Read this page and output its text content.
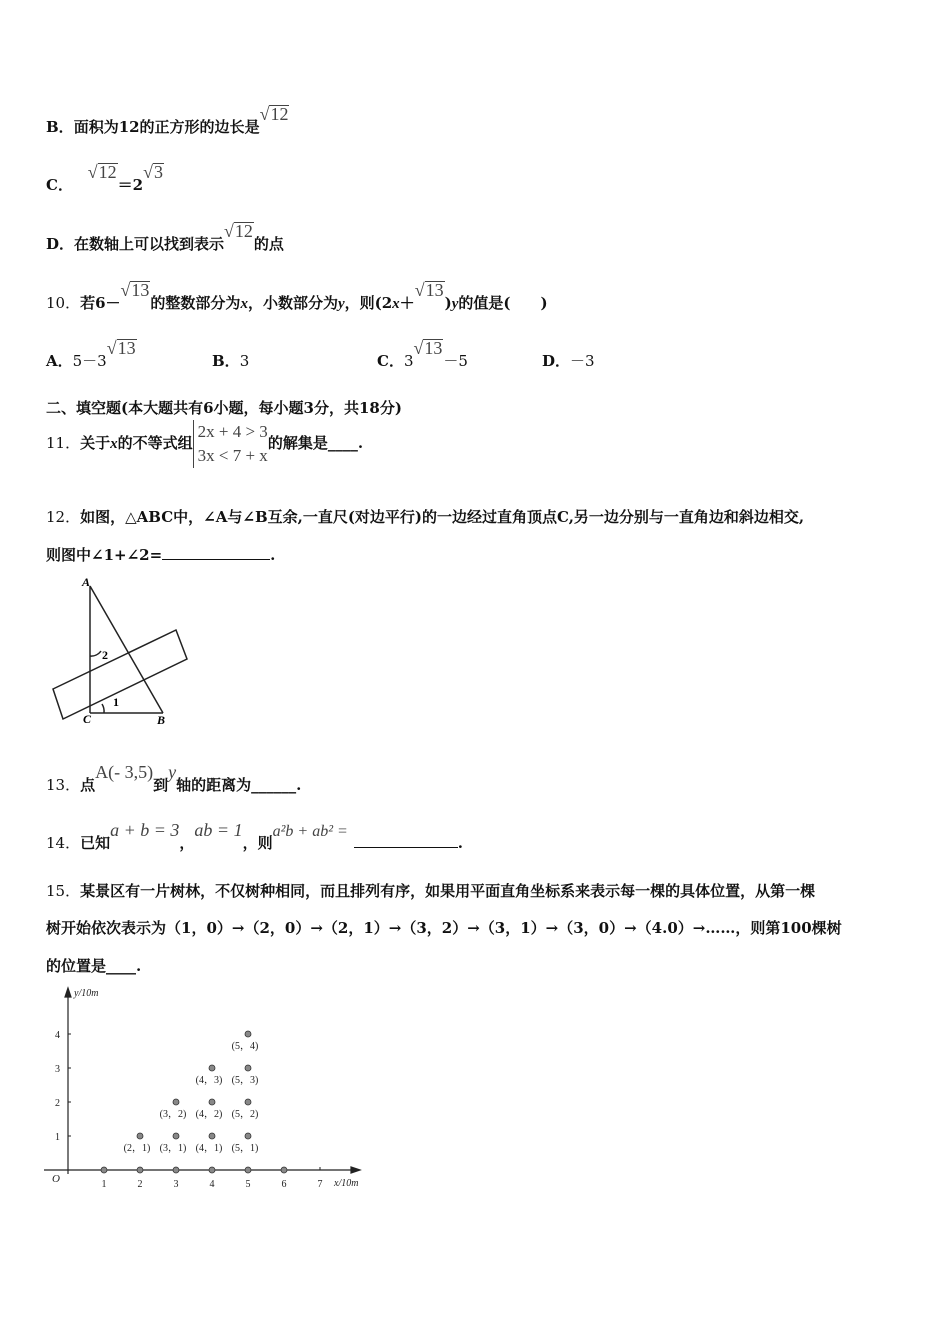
B．面积为12的正方形的边长是√12
C． √12＝2√3
D．在数轴上可以找到表示√12的点
10．若6－√13的整数部分为x，小数部分为y，则(2x＋√13)y的值是(　　)
A．5－3√13
B．3	C．3√13－5	D．－3
二、填空题(本大题共有6小题，每小题3分，共18分)
11．关于x的不等式组
2x + 4 > 3
3x < 7 + x
的解集是____.
12．如图，△ABC中，∠A与∠B互余,一直尺(对边平行)的一边经过直角顶点C,另一边分别与一直角边和斜边相交,
则图中∠1+∠2=	.
A
B
C
1
2
13．点A(- 3,5)到y轴的距离为______.
14．已知a + b = 3，ab = 1，则a²b + ab² =.
15．某景区有一片树林，不仅树种相同，而且排列有序，如果用平面直角坐标系来表示每一棵的具体位置，从第一棵
树开始依次表示为（1，0）→（2，0）→（2，1）→（3，2）→（3，1）→（3，0）→（4.0）→……，则第100棵树
的位置是____.
y/10m
x/10m
O	1	2	3	4	5	6	7
1
2
3
4
(2，1) (3，1) (4，1) (5，1)
(3，2) (4，2) (5，2)
(4，3) (5，3)
(5，4)
